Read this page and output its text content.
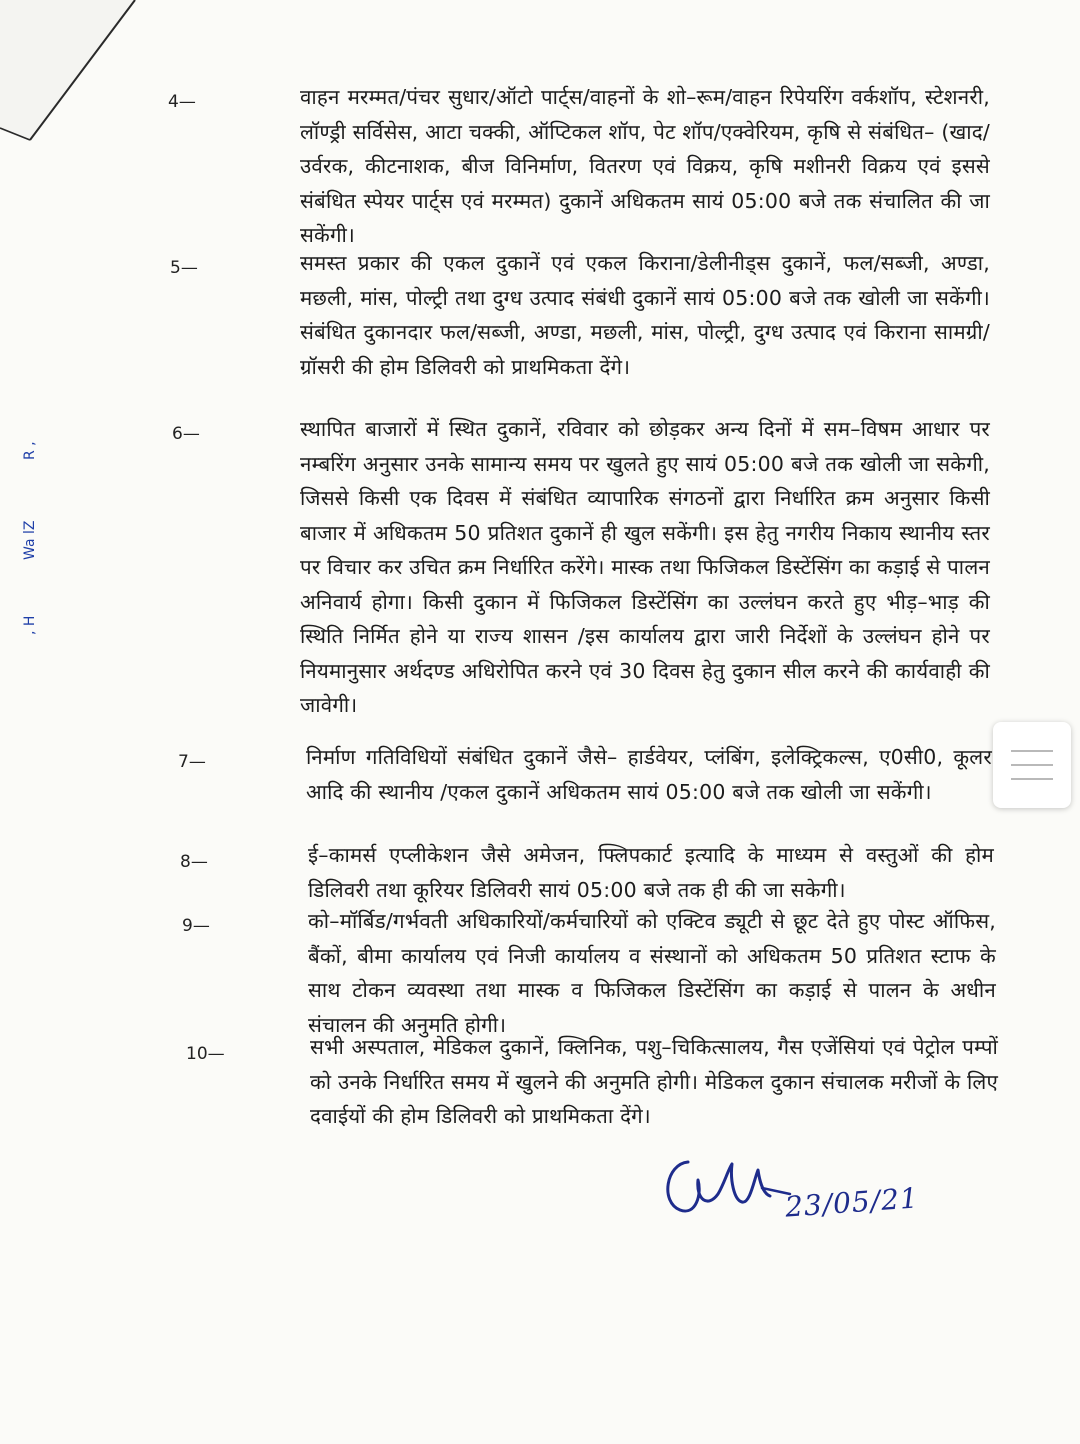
R ,
Wa lZ
, H
4—	वाहन मरम्मत/पंचर सुधार/ऑटो पार्ट्स/वाहनों के शो–रूम/वाहन रिपेयरिंग वर्कशॉप, स्टेशनरी, लॉण्ड्री सर्विसेस, आटा चक्की, ऑप्टिकल शॉप, पेट शॉप/एक्वेरियम, कृषि से संबंधित– (खाद/उर्वरक, कीटनाशक, बीज विनिर्माण, वितरण एवं विक्रय, कृषि मशीनरी विक्रय एवं इससे संबंधित स्पेयर पार्ट्स एवं मरम्मत) दुकानें अधिकतम सायं 05:00 बजे तक संचालित की जा सकेंगी।
5—	समस्त प्रकार की एकल दुकानें एवं एकल किराना/डेलीनीड्स दुकानें, फल/सब्जी, अण्डा, मछली, मांस, पोल्ट्री तथा दुग्ध उत्पाद संबंधी दुकानें सायं 05:00 बजे तक खोली जा सकेंगी। संबंधित दुकानदार फल/सब्जी, अण्डा, मछली, मांस, पोल्ट्री, दुग्ध उत्पाद एवं किराना सामग्री/ग्रॉसरी की होम डिलिवरी को प्राथमिकता देंगे।
6—	स्थापित बाजारों में स्थित दुकानें, रविवार को छोड़कर अन्य दिनों में सम–विषम आधार पर नम्बरिंग अनुसार उनके सामान्य समय पर खुलते हुए सायं 05:00 बजे तक खोली जा सकेगी, जिससे किसी एक दिवस में संबंधित व्यापारिक संगठनों द्वारा निर्धारित क्रम अनुसार किसी बाजार में अधिकतम 50 प्रतिशत दुकानें ही खुल सकेंगी। इस हेतु नगरीय निकाय स्थानीय स्तर पर विचार कर उचित क्रम निर्धारित करेंगे। मास्क तथा फिजिकल डिस्टेंसिंग का कड़ाई से पालन अनिवार्य होगा। किसी दुकान में फिजिकल डिस्टेंसिंग का उल्लंघन करते हुए भीड़–भाड़ की स्थिति निर्मित होने या राज्य शासन /इस कार्यालय द्वारा जारी निर्देशों के उल्लंघन होने पर नियमानुसार अर्थदण्ड अधिरोपित करने एवं 30 दिवस हेतु दुकान सील करने की कार्यवाही की जावेगी।
7—	निर्माण गतिविधियों संबंधित दुकानें जैसे– हार्डवेयर, प्लंबिंग, इलेक्ट्रिकल्स, ए0सी0, कूलर आदि की स्थानीय /एकल दुकानें अधिकतम सायं 05:00 बजे तक खोली जा सकेंगी।
8—	ई–कामर्स एप्लीकेशन जैसे अमेजन, फ्लिपकार्ट इत्यादि के माध्यम से वस्तुओं की होम डिलिवरी तथा कूरियर डिलिवरी सायं 05:00 बजे तक ही की जा सकेगी।
9—	को–मॉर्बिड/गर्भवती अधिकारियों/कर्मचारियों को एक्टिव ड्यूटी से छूट देते हुए पोस्ट ऑफिस, बैंकों, बीमा कार्यालय एवं निजी कार्यालय व संस्थानों को अधिकतम 50 प्रतिशत स्टाफ के साथ टोकन व्यवस्था तथा मास्क व फिजिकल डिस्टेंसिंग का कड़ाई से पालन के अधीन संचालन की अनुमति होगी।
10—	सभी अस्पताल, मेडिकल दुकानें, क्लिनिक, पशु–चिकित्सालय, गैस एजेंसियां एवं पेट्रोल पम्पों को उनके निर्धारित समय में खुलने की अनुमति होगी। मेडिकल दुकान संचालक मरीजों के लिए दवाईयों की होम डिलिवरी को प्राथमिकता देंगे।
23/05/21
